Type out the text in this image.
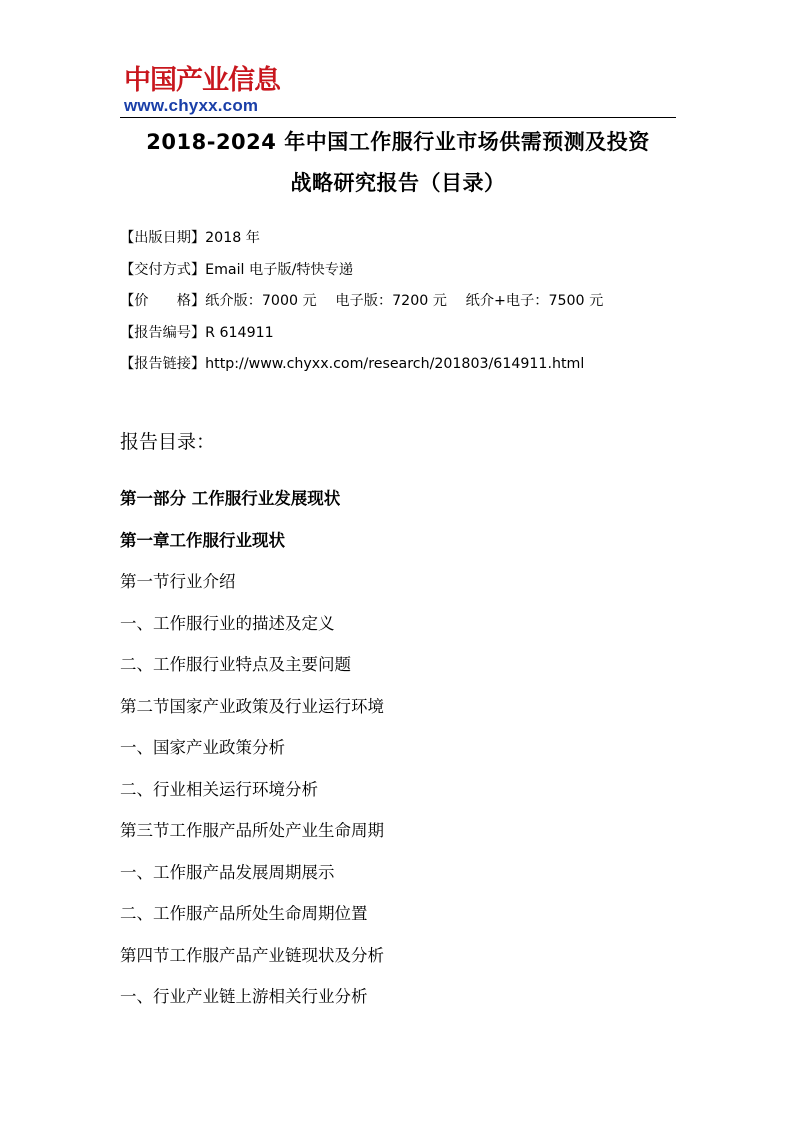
中国产业信息
www.chyxx.com
2018-2024 年中国工作服行业市场供需预测及投资
战略研究报告（目录）
【出版日期】2018 年
【交付方式】Email 电子版/特快专递
【价　　格】纸介版：7000 元　 电子版：7200 元　 纸介+电子：7500 元
【报告编号】R 614911
【报告链接】http://www.chyxx.com/research/201803/614911.html
报告目录：
第一部分 工作服行业发展现状
第一章工作服行业现状
第一节行业介绍
一、工作服行业的描述及定义
二、工作服行业特点及主要问题
第二节国家产业政策及行业运行环境
一、国家产业政策分析
二、行业相关运行环境分析
第三节工作服产品所处产业生命周期
一、工作服产品发展周期展示
二、工作服产品所处生命周期位置
第四节工作服产品产业链现状及分析
一、行业产业链上游相关行业分析
